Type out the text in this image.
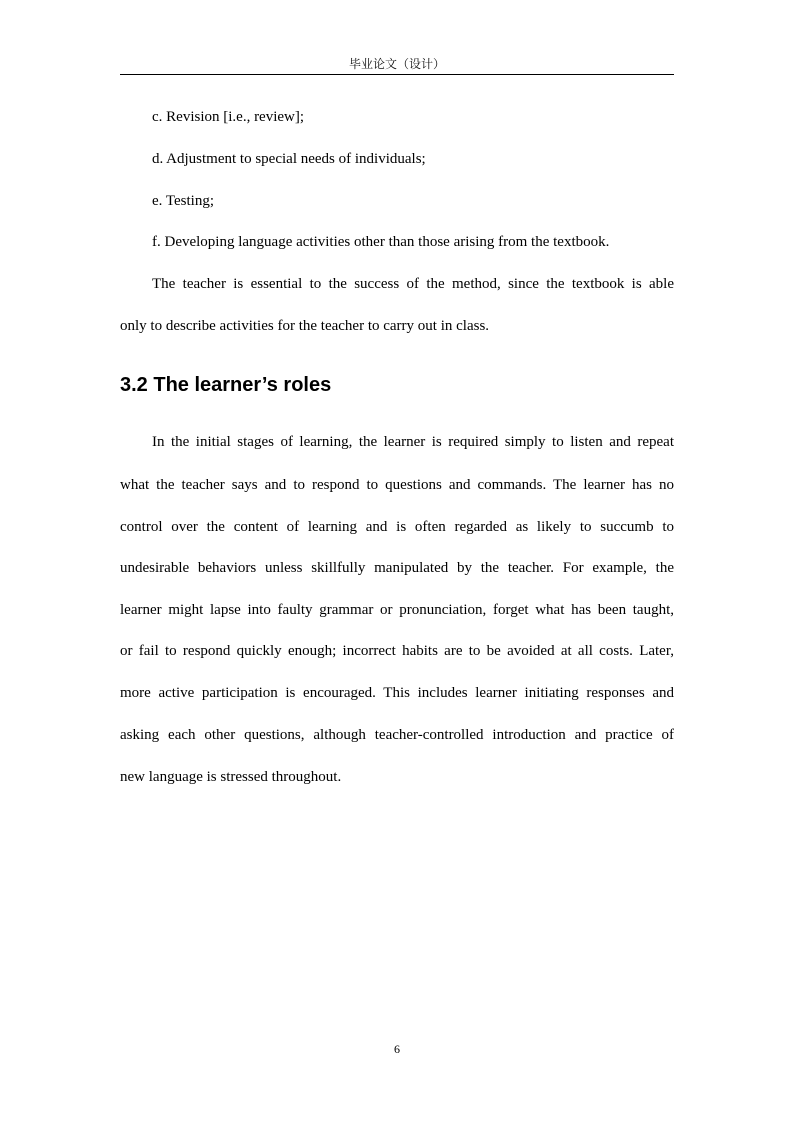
毕业论文（设计）
c. Revision [i.e., review];
d. Adjustment to special needs of individuals;
e. Testing;
f. Developing language activities other than those arising from the textbook.
The teacher is essential to the success of the method, since the textbook is able
only to describe activities for the teacher to carry out in class.
3.2 The learner’s roles
In the initial stages of learning, the learner is required simply to listen and repeat
what the teacher says and to respond to questions and commands. The learner has no
control over the content of learning and is often regarded as likely to succumb to
undesirable behaviors unless skillfully manipulated by the teacher. For example, the
learner might lapse into faulty grammar or pronunciation, forget what has been taught,
or fail to respond quickly enough; incorrect habits are to be avoided at all costs. Later,
more active participation is encouraged. This includes learner initiating responses and
asking each other questions, although teacher-controlled introduction and practice of
new language is stressed throughout.
6
